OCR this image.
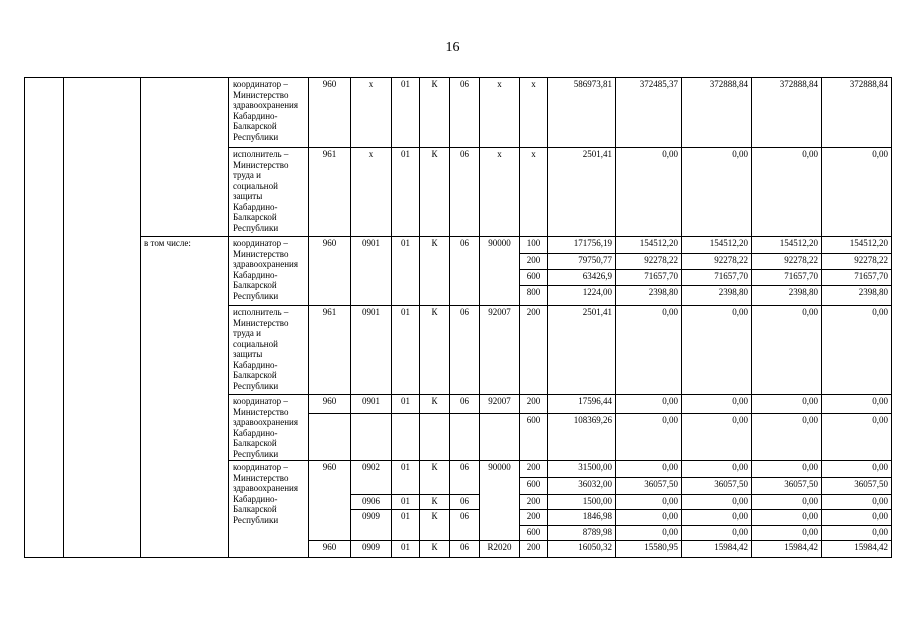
16
			координатор – Министерство здравоохранения Кабардино-Балкарской Республики	960	х	01	К	06	х	х	586973,81	372485,37	372888,84	372888,84	372888,84
			исполнитель – Министерство труда и социальной защиты Кабардино-Балкарской Республики	961	х	01	К	06	х	х	2501,41	0,00	0,00	0,00	0,00
		в том числе:	координатор – Министерство здравоохранения Кабардино-Балкарской Республики	960	0901	01	К	06	90000	100	171756,19	154512,20	154512,20	154512,20	154512,20
										200	79750,77	92278,22	92278,22	92278,22	92278,22
										600	63426,9	71657,70	71657,70	71657,70	71657,70
										800	1224,00	2398,80	2398,80	2398,80	2398,80
			исполнитель – Министерство труда и социальной защиты Кабардино-Балкарской Республики	961	0901	01	К	06	92007	200	2501,41	0,00	0,00	0,00	0,00
			координатор – Министерство здравоохранения Кабардино-Балкарской Республики	960	0901	01	К	06	92007	200	17596,44	0,00	0,00	0,00	0,00
										600	108369,26	0,00	0,00	0,00	0,00
			координатор – Министерство здравоохранения Кабардино-Балкарской Республики	960	0902	01	К	06	90000	200	31500,00	0,00	0,00	0,00	0,00
										600	36032,00	36057,50	36057,50	36057,50	36057,50
					0906	01	К	06		200	1500,00	0,00	0,00	0,00	0,00
					0909	01	К	06		200	1846,98	0,00	0,00	0,00	0,00
										600	8789,98	0,00	0,00	0,00	0,00
				960	0909	01	К	06	R2020	200	16050,32	15580,95	15984,42	15984,42	15984,42
